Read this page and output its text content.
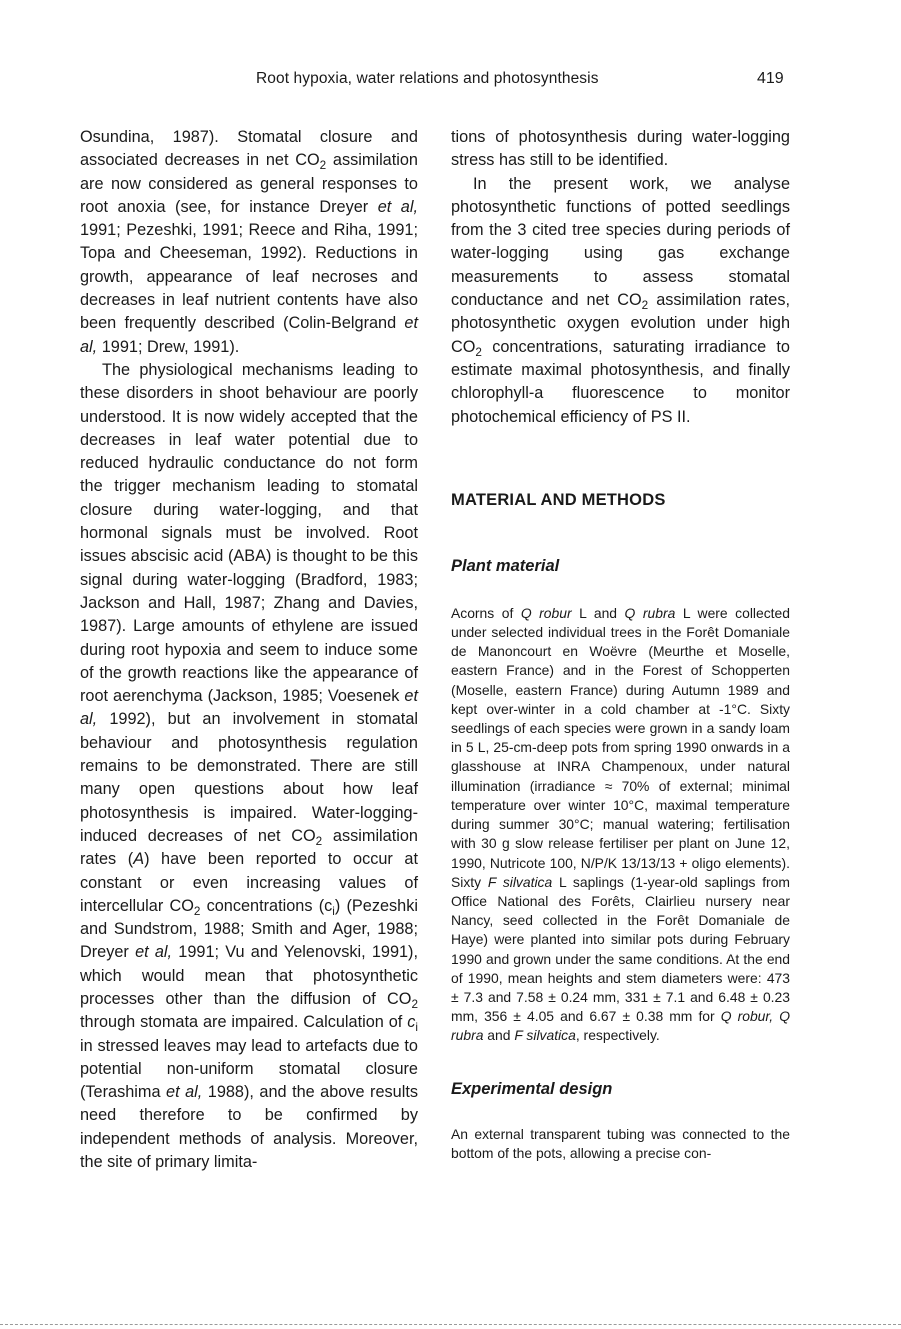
Root hypoxia, water relations and photosynthesis	419

Osundina, 1987). Stomatal closure and associated decreases in net $CO_2$ assimilation are now considered as general responses to root anoxia (see, for instance Dreyer et al, 1991; Pezeshki, 1991; Reece and Riha, 1991; Topa and Cheeseman, 1992). Reductions in growth, appearance of leaf necroses and decreases in leaf nutrient contents have also been frequently described (Colin-Belgrand et al, 1991; Drew, 1991).

The physiological mechanisms leading to these disorders in shoot behaviour are poorly understood. It is now widely accepted that the decreases in leaf water potential due to reduced hydraulic conductance do not form the trigger mechanism leading to stomatal closure during water-logging, and that hormonal signals must be involved. Root issues abscisic acid (ABA) is thought to be this signal during water-logging (Bradford, 1983; Jackson and Hall, 1987; Zhang and Davies, 1987). Large amounts of ethylene are issued during root hypoxia and seem to induce some of the growth reactions like the appearance of root aerenchyma (Jackson, 1985; Voesenek et al, 1992), but an involvement in stomatal behaviour and photosynthesis regulation remains to be demonstrated. There are still many open questions about how leaf photosynthesis is impaired. Water-logging-induced decreases of net $CO_2$ assimilation rates (A) have been reported to occur at constant or even increasing values of intercellular $CO_2$ concentrations $(c_i)$ (Pezeshki and Sundstrom, 1988; Smith and Ager, 1988; Dreyer et al, 1991; Vu and Yelenovski, 1991), which would mean that photosynthetic processes other than the diffusion of $CO_2$ through stomata are impaired. Calculation of $c_i$ in stressed leaves may lead to artefacts due to potential non-uniform stomatal closure (Terashima et al, 1988), and the above results need therefore to be confirmed by independent methods of analysis. Moreover, the site of primary limita-

tions of photosynthesis during water-logging stress has still to be identified.

In the present work, we analyse photosynthetic functions of potted seedlings from the 3 cited tree species during periods of water-logging using gas exchange measurements to assess stomatal conductance and net $CO_2$ assimilation rates, photosynthetic oxygen evolution under high $CO_2$ concentrations, saturating irradiance to estimate maximal photosynthesis, and finally chlorophyll-a fluorescence to monitor photochemical efficiency of PS II.

MATERIAL AND METHODS
Plant material

Acorns of Q robur L and Q rubra L were collected under selected individual trees in the Forêt Domaniale de Manoncourt en Woëvre (Meurthe et Moselle, eastern France) and in the Forest of Schopperten (Moselle, eastern France) during Autumn 1989 and kept over-winter in a cold chamber at -1°C. Sixty seedlings of each species were grown in a sandy loam in 5 L, 25-cm-deep pots from spring 1990 onwards in a glasshouse at INRA Champenoux, under natural illumination (irradiance ≈ 70% of external; minimal temperature over winter 10°C, maximal temperature during summer 30°C; manual watering; fertilisation with 30 g slow release fertiliser per plant on June 12, 1990, Nutricote 100, N/P/K 13/13/13 + oligo elements). Sixty F silvatica L saplings (1-year-old saplings from Office National des Forêts, Clairlieu nursery near Nancy, seed collected in the Forêt Domaniale de Haye) were planted into similar pots during February 1990 and grown under the same conditions. At the end of 1990, mean heights and stem diameters were: 473 ± 7.3 and 7.58 ± 0.24 mm, 331 ± 7.1 and 6.48 ± 0.23 mm, 356 ± 4.05 and 6.67 ± 0.38 mm for Q robur, Q rubra and F silvatica, respectively.

Experimental design

An external transparent tubing was connected to the bottom of the pots, allowing a precise con-
